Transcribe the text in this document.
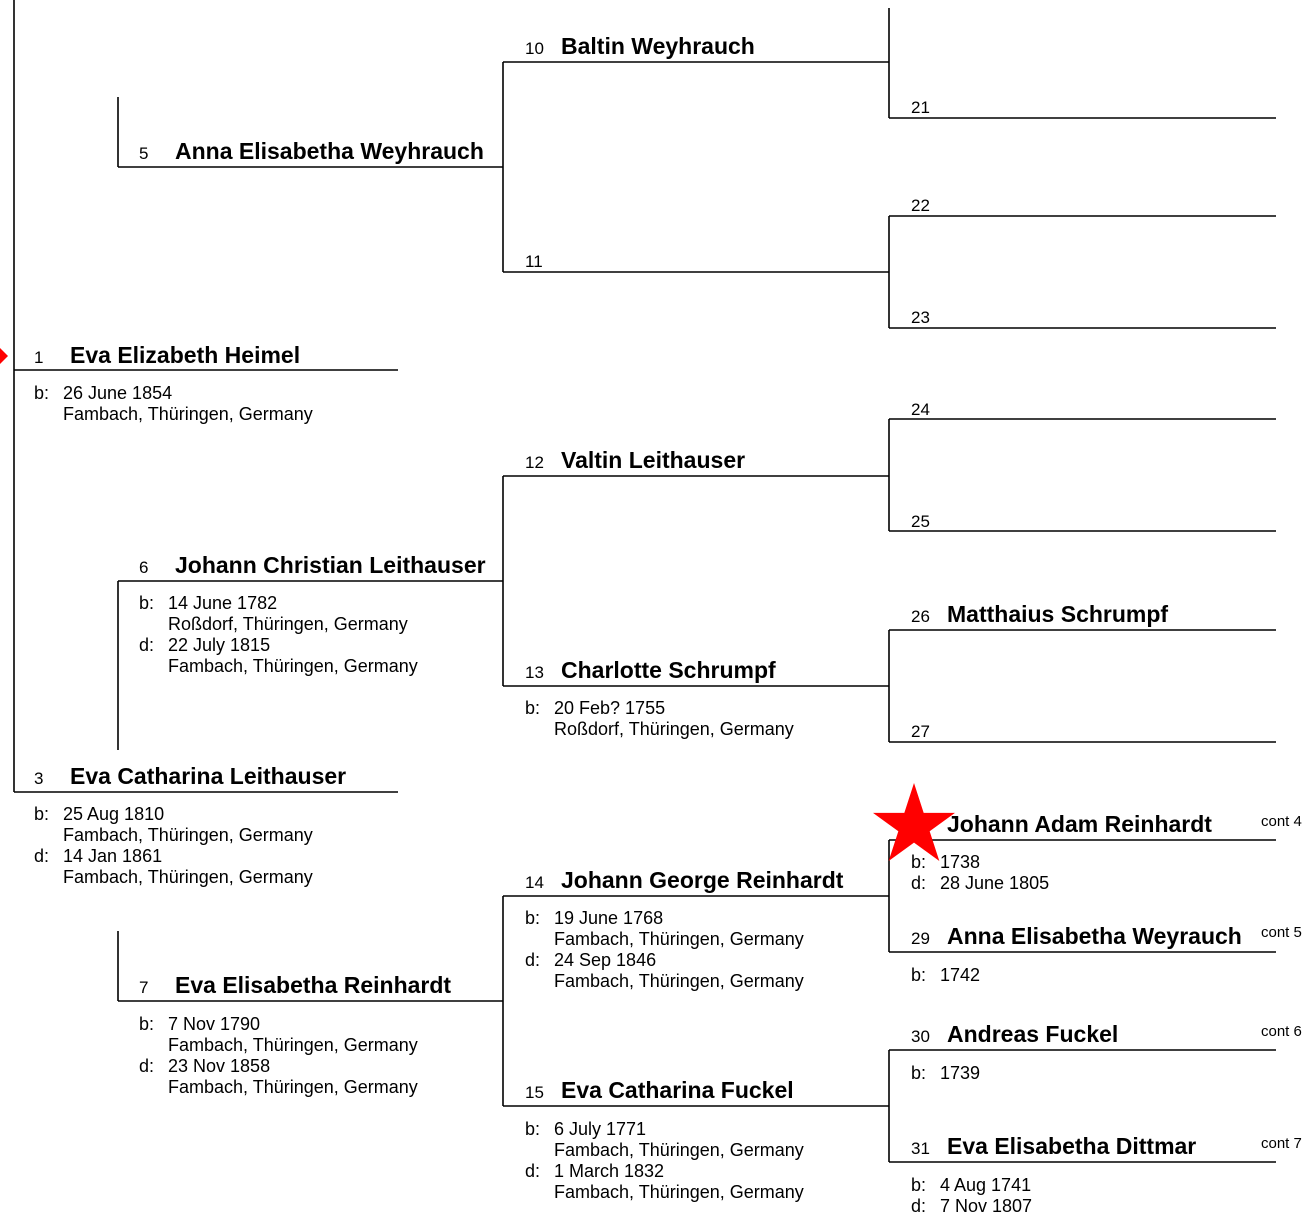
1 Eva Elizabeth Heimel
b: 26 June 1854
Fambach, Thüringen, Germany
3 Eva Catharina Leithauser
b: 25 Aug 1810
Fambach, Thüringen, Germany
d: 14 Jan 1861
Fambach, Thüringen, Germany
5 Anna Elisabetha Weyhrauch
6 Johann Christian Leithauser
b: 14 June 1782
Roßdorf, Thüringen, Germany
d: 22 July 1815
Fambach, Thüringen, Germany
7 Eva Elisabetha Reinhardt
b: 7 Nov 1790
Fambach, Thüringen, Germany
d: 23 Nov 1858
Fambach, Thüringen, Germany
10 Baltin Weyhrauch
11
12 Valtin Leithauser
13 Charlotte Schrumpf
b: 20 Feb? 1755
Roßdorf, Thüringen, Germany
14 Johann George Reinhardt
b: 19 June 1768
Fambach, Thüringen, Germany
d: 24 Sep 1846
Fambach, Thüringen, Germany
15 Eva Catharina Fuckel
b: 6 July 1771
Fambach, Thüringen, Germany
d: 1 March 1832
Fambach, Thüringen, Germany
21
22
23
24
25
26 Matthaius Schrumpf
27
Johann Adam Reinhardt	cont 4
b: 1738
d: 28 June 1805
29 Anna Elisabetha Weyrauch cont 5
b: 1742
30 Andreas Fuckel	cont 6
b: 1739
31 Eva Elisabetha Dittmar	cont 7
b: 4 Aug 1741
d: 7 Nov 1807
